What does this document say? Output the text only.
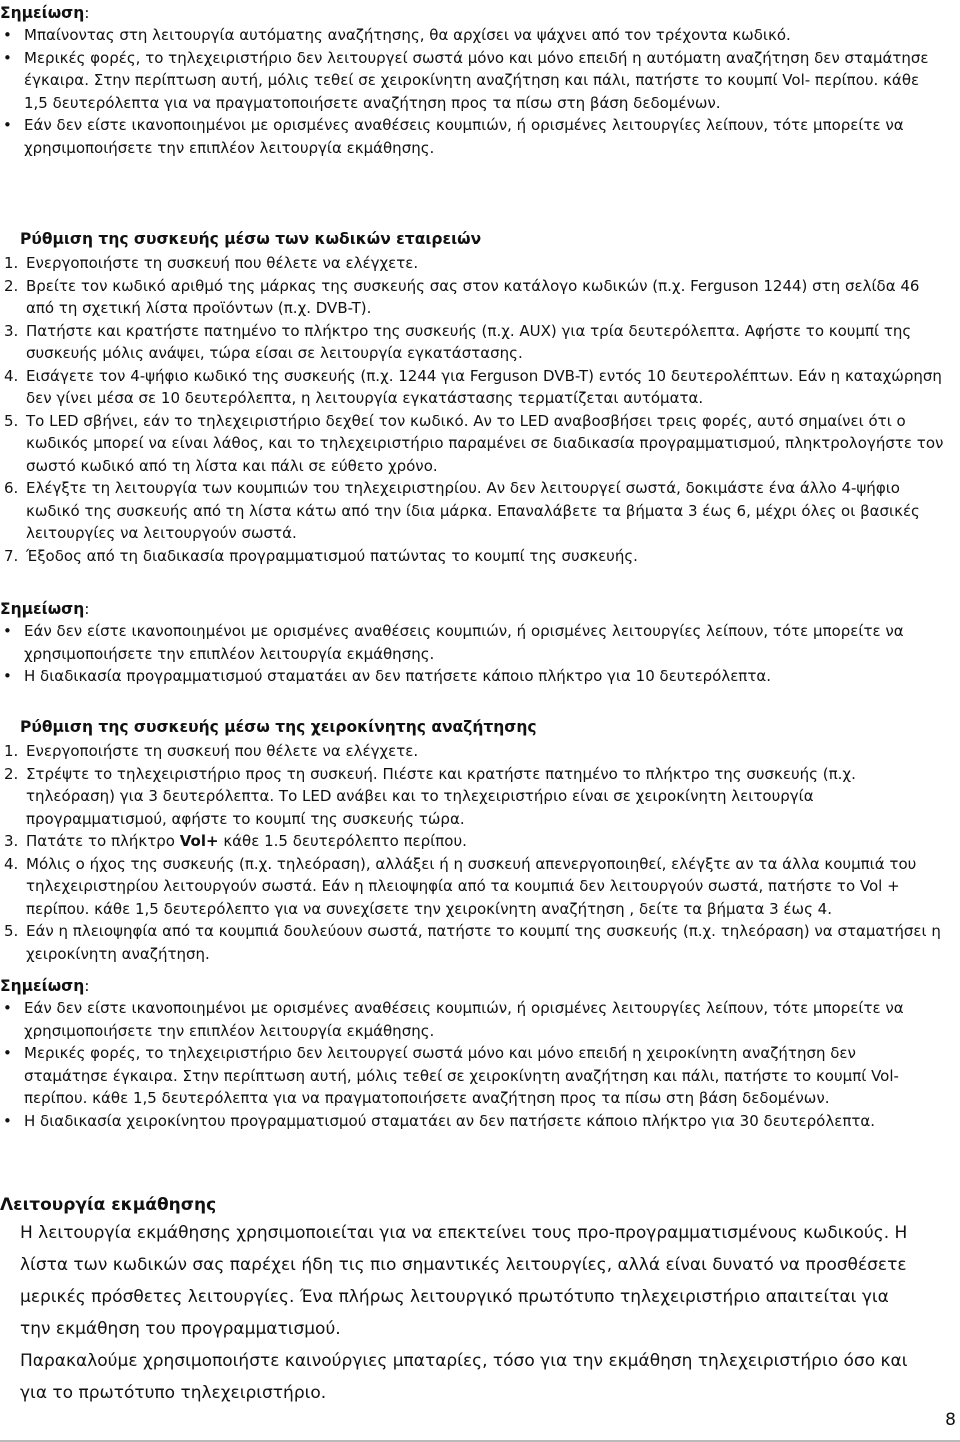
Σημείωση:
• Μπαίνοντας στη λειτουργία αυτόματης αναζήτησης, θα αρχίσει να ψάχνει από τον τρέχοντα κωδικό.
• Μερικές φορές, το τηλεχειριστήριο δεν λειτουργεί σωστά μόνο και μόνο επειδή η αυτόματη αναζήτηση δεν σταμάτησε έγκαιρα. Στην περίπτωση αυτή, μόλις τεθεί σε χειροκίνητη αναζήτηση και πάλι, πατήστε το κουμπί Vol- περίπου. κάθε 1,5 δευτερόλεπτα για να πραγματοποιήσετε αναζήτηση προς τα πίσω στη βάση δεδομένων.
• Εάν δεν είστε ικανοποιημένοι με ορισμένες αναθέσεις κουμπιών, ή ορισμένες λειτουργίες λείπουν, τότε μπορείτε να χρησιμοποιήσετε την επιπλέον λειτουργία εκμάθησης.
Ρύθμιση της συσκευής μέσω των κωδικών εταιρειών
1. Ενεργοποιήστε τη συσκευή που θέλετε να ελέγχετε.
2. Βρείτε τον κωδικό αριθμό της μάρκας της συσκευής σας στον κατάλογο κωδικών (π.χ. Ferguson 1244) στη σελίδα 46 από τη σχετική λίστα προϊόντων (π.χ. DVB-T).
3. Πατήστε και κρατήστε πατημένο το πλήκτρο της συσκευής (π.χ. AUX) για τρία δευτερόλεπτα. Αφήστε το κουμπί της συσκευής μόλις ανάψει, τώρα είσαι σε λειτουργία εγκατάστασης.
4. Εισάγετε τον 4-ψήφιο κωδικό της συσκευής (π.χ. 1244 για Ferguson DVB-T) εντός 10 δευτερολέπτων. Εάν η καταχώρηση δεν γίνει μέσα σε 10 δευτερόλεπτα, η λειτουργία εγκατάστασης τερματίζεται αυτόματα.
5. Το LED σβήνει, εάν το τηλεχειριστήριο δεχθεί τον κωδικό. Αν το LED αναβοσβήσει τρεις φορές, αυτό σημαίνει ότι ο κωδικός μπορεί να είναι λάθος, και το τηλεχειριστήριο παραμένει σε διαδικασία προγραμματισμού, πληκτρολογήστε τον σωστό κωδικό από τη λίστα και πάλι σε εύθετο χρόνο.
6. Ελέγξτε τη λειτουργία των κουμπιών του τηλεχειριστηρίου. Αν δεν λειτουργεί σωστά, δοκιμάστε ένα άλλο 4-ψήφιο κωδικό της συσκευής από τη λίστα κάτω από την ίδια μάρκα. Επαναλάβετε τα βήματα 3 έως 6, μέχρι όλες οι βασικές λειτουργίες να λειτουργούν σωστά.
7. Έξοδος από τη διαδικασία προγραμματισμού πατώντας το κουμπί της συσκευής.
Σημείωση:
• Εάν δεν είστε ικανοποιημένοι με ορισμένες αναθέσεις κουμπιών, ή ορισμένες λειτουργίες λείπουν, τότε μπορείτε να χρησιμοποιήσετε την επιπλέον λειτουργία εκμάθησης.
• Η διαδικασία προγραμματισμού σταματάει αν δεν πατήσετε κάποιο πλήκτρο για 10 δευτερόλεπτα.
Ρύθμιση της συσκευής μέσω της χειροκίνητης αναζήτησης
1. Ενεργοποιήστε τη συσκευή που θέλετε να ελέγχετε.
2. Στρέψτε το τηλεχειριστήριο προς τη συσκευή. Πιέστε και κρατήστε πατημένο το πλήκτρο της συσκευής (π.χ. τηλεόραση) για 3 δευτερόλεπτα. Το LED ανάβει και το τηλεχειριστήριο είναι σε χειροκίνητη λειτουργία προγραμματισμού, αφήστε το κουμπί της συσκευής τώρα.
3. Πατάτε το πλήκτρο Vol+ κάθε 1.5 δευτερόλεπτο περίπου.
4. Μόλις ο ήχος της συσκευής (π.χ. τηλεόραση), αλλάξει ή η συσκευή απενεργοποιηθεί, ελέγξτε αν τα άλλα κουμπιά του τηλεχειριστηρίου λειτουργούν σωστά. Εάν η πλειοψηφία από τα κουμπιά δεν λειτουργούν σωστά, πατήστε το Vol + περίπου. κάθε 1,5 δευτερόλεπτο για να συνεχίσετε την χειροκίνητη αναζήτηση , δείτε τα βήματα 3 έως 4.
5. Εάν η πλειοψηφία από τα κουμπιά δουλεύουν σωστά, πατήστε το κουμπί της συσκευής (π.χ. τηλεόραση) να σταματήσει η χειροκίνητη αναζήτηση.
Σημείωση:
• Εάν δεν είστε ικανοποιημένοι με ορισμένες αναθέσεις κουμπιών, ή ορισμένες λειτουργίες λείπουν, τότε μπορείτε να χρησιμοποιήσετε την επιπλέον λειτουργία εκμάθησης.
• Μερικές φορές, το τηλεχειριστήριο δεν λειτουργεί σωστά μόνο και μόνο επειδή η χειροκίνητη αναζήτηση δεν σταμάτησε έγκαιρα. Στην περίπτωση αυτή, μόλις τεθεί σε χειροκίνητη αναζήτηση και πάλι, πατήστε το κουμπί Vol- περίπου. κάθε 1,5 δευτερόλεπτα για να πραγματοποιήσετε αναζήτηση προς τα πίσω στη βάση δεδομένων.
• Η διαδικασία χειροκίνητου προγραμματισμού σταματάει αν δεν πατήσετε κάποιο πλήκτρο για 30 δευτερόλεπτα.
Λειτουργία εκμάθησης
Η λειτουργία εκμάθησης χρησιμοποιείται για να επεκτείνει τους προ-προγραμματισμένους κωδικούς. Η λίστα των κωδικών σας παρέχει ήδη τις πιο σημαντικές λειτουργίες, αλλά είναι δυνατό να προσθέσετε μερικές πρόσθετες λειτουργίες. Ένα πλήρως λειτουργικό πρωτότυπο τηλεχειριστήριο απαιτείται για την εκμάθηση του προγραμματισμού.
Παρακαλούμε χρησιμοποιήστε καινούργιες μπαταρίες, τόσο για την εκμάθηση τηλεχειριστήριο όσο και για το πρωτότυπο τηλεχειριστήριο.
8
